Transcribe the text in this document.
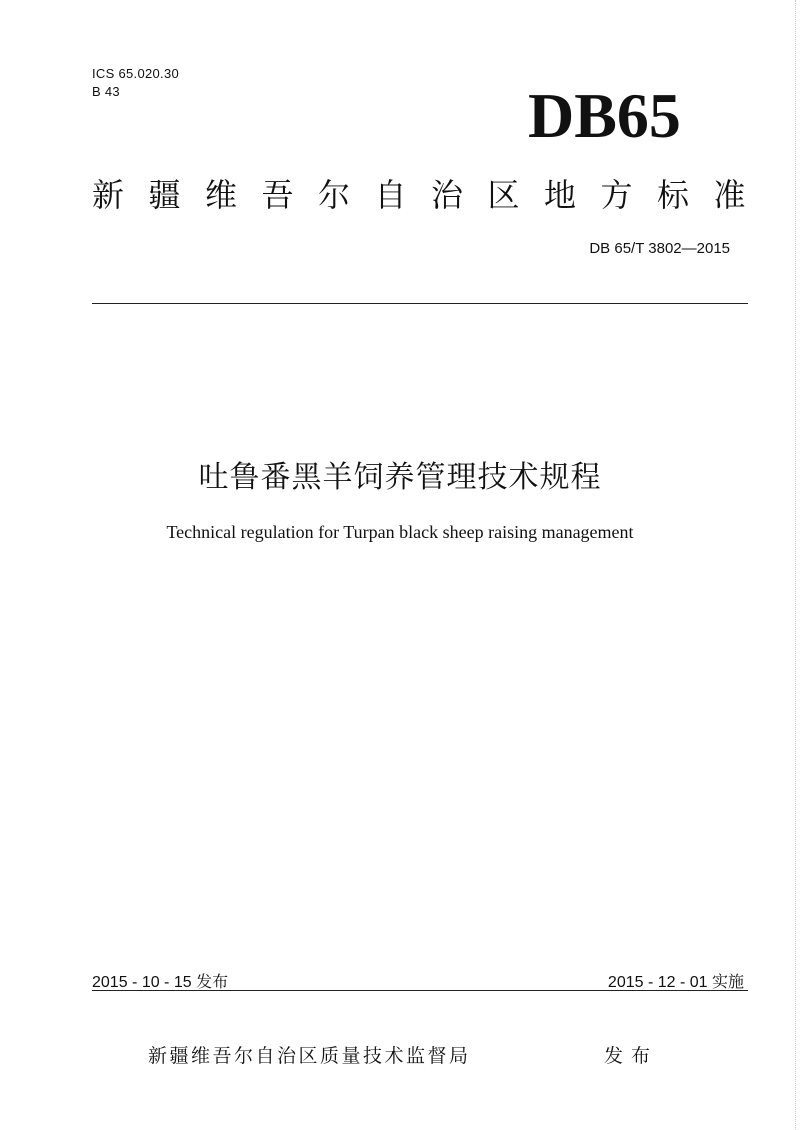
ICS 65.020.30
B 43	DB65
新疆维吾尔自治区地方标准
DB 65/T 3802—2015
吐鲁番黑羊饲养管理技术规程
Technical regulation for Turpan black sheep raising management
2015 - 10 - 15 发布	2015 - 12 - 01 实施
新疆维吾尔自治区质量技术监督局	发布
